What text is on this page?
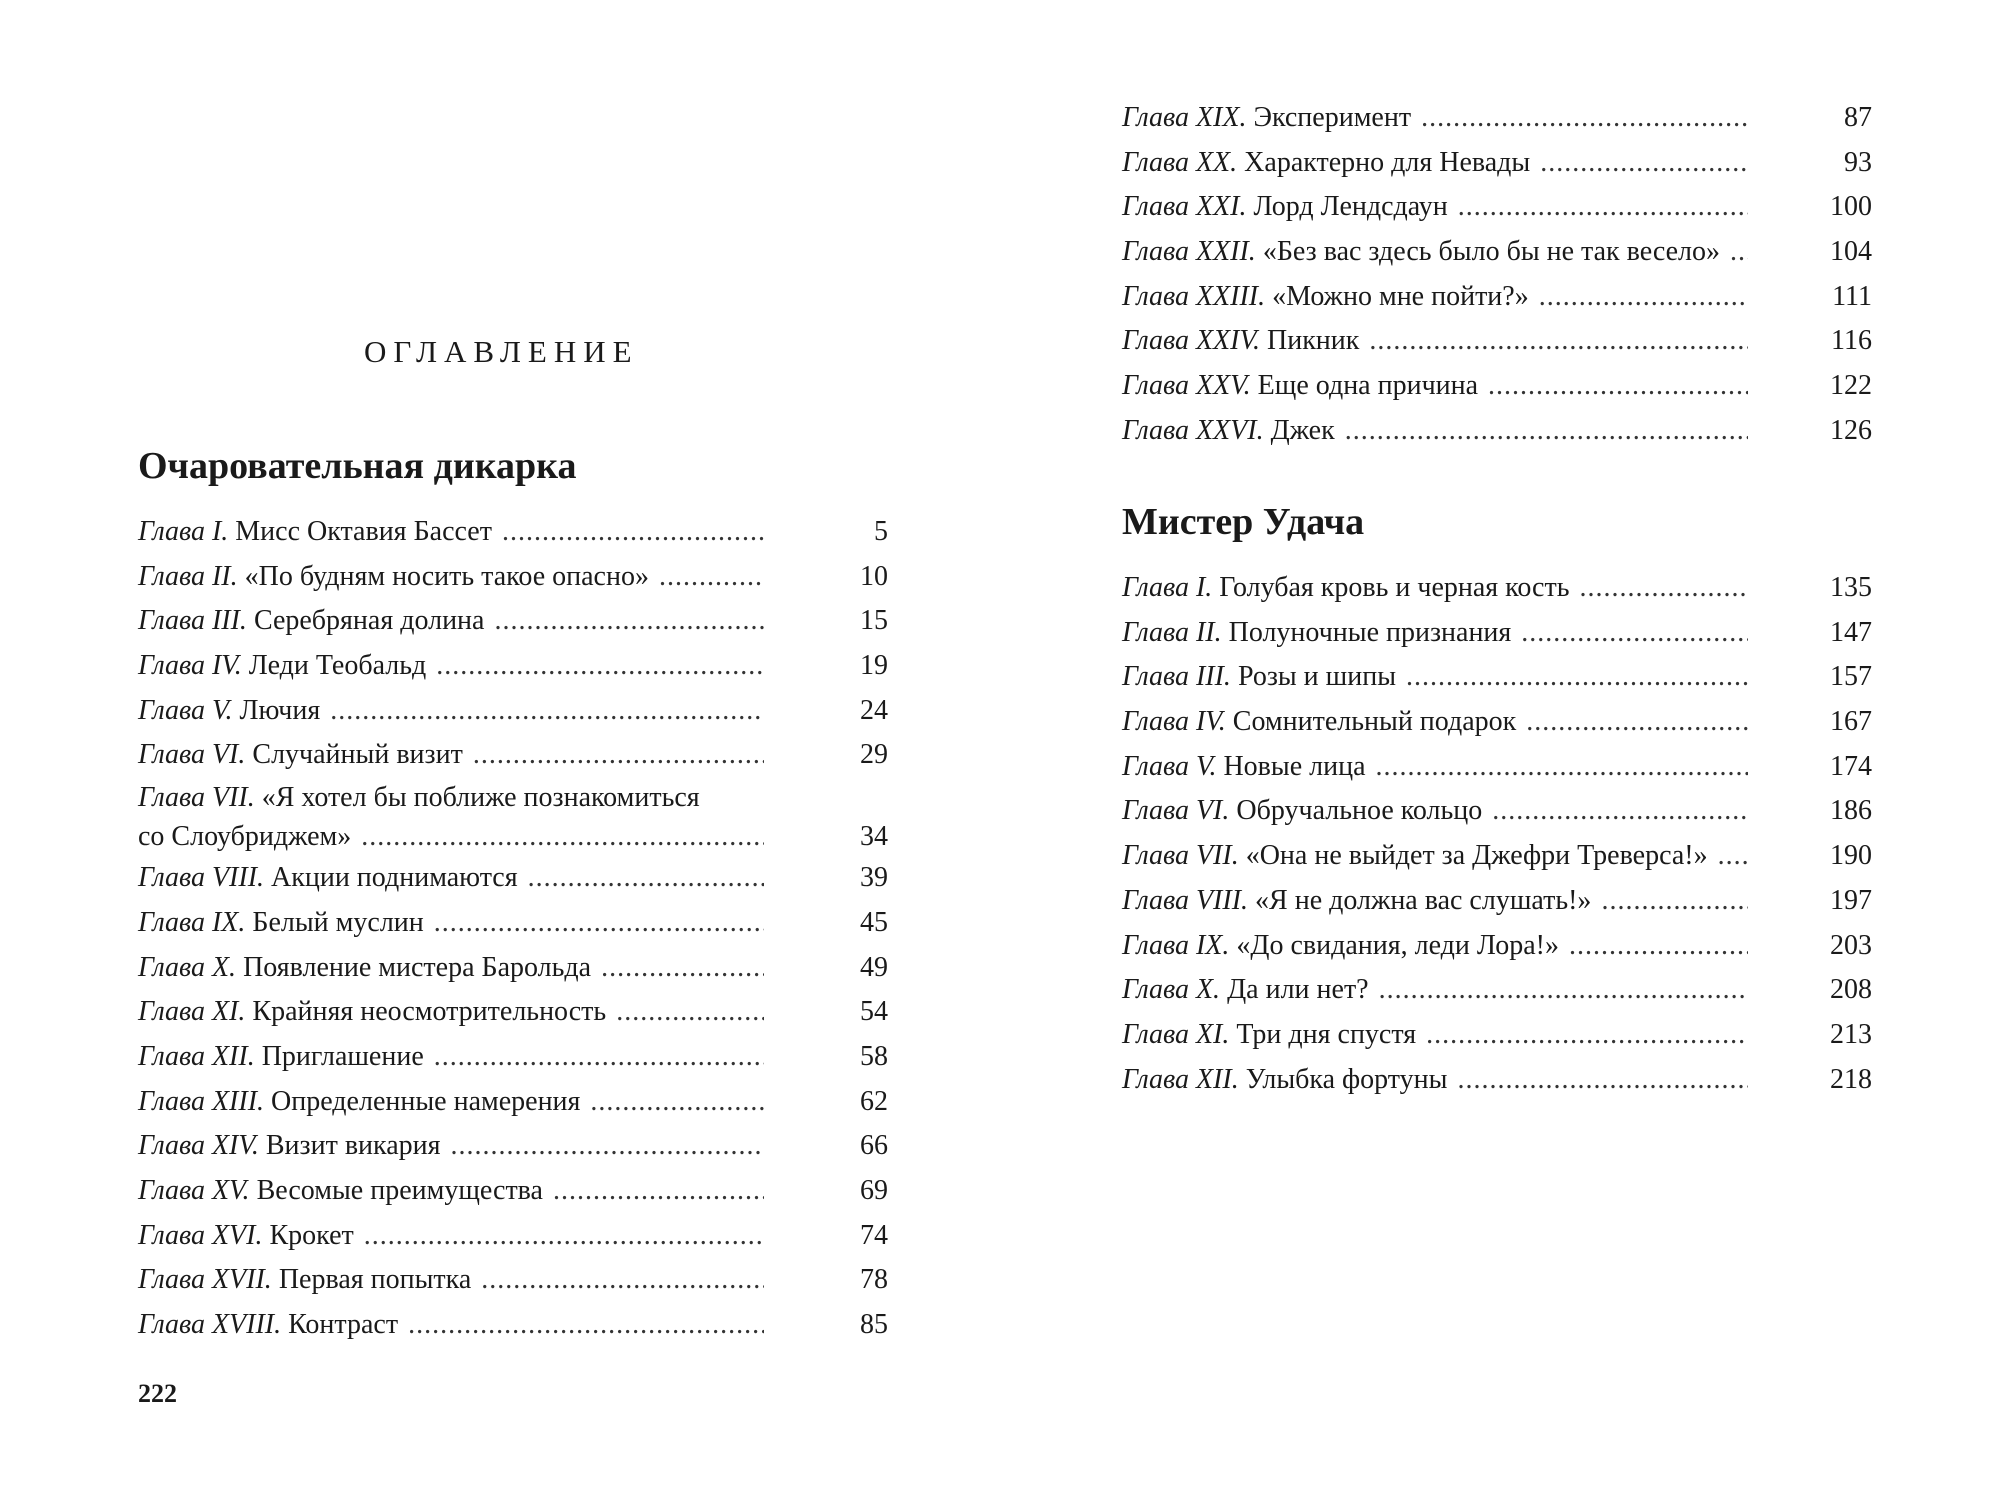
ОГЛАВЛЕНИЕ
Очаровательная дикарка
Глава I. Мисс Октавия Бассет .....	5
Глава II. «По будням носить такое опасно» .....	10
Глава III. Серебряная долина .....	15
Глава IV. Леди Теобальд .....	19
Глава V. Лючия .....	24
Глава VI. Случайный визит .....	29
Глава VII. «Я хотел бы поближе познакомиться
со Слоубриджем» .....	34
Глава VIII. Акции поднимаются .....	39
Глава IX. Белый муслин .....	45
Глава X. Появление мистера Барольда .....	49
Глава XI. Крайняя неосмотрительность .....	54
Глава XII. Приглашение .....	58
Глава XIII. Определенные намерения .....	62
Глава XIV. Визит викария .....	66
Глава XV. Весомые преимущества .....	69
Глава XVI. Крокет .....	74
Глава XVII. Первая попытка .....	78
Глава XVIII. Контраст .....	85
222
Глава XIX. Эксперимент .....	87
Глава XX. Характерно для Невады .....	93
Глава XXI. Лорд Лендсдаун .....	100
Глава XXII. «Без вас здесь было бы не так весело» .....	104
Глава XXIII. «Можно мне пойти?» .....	111
Глава XXIV. Пикник .....	116
Глава XXV. Еще одна причина .....	122
Глава XXVI. Джек .....	126
Мистер Удача
Глава I. Голубая кровь и черная кость .....	135
Глава II. Полуночные признания .....	147
Глава III. Розы и шипы .....	157
Глава IV. Сомнительный подарок .....	167
Глава V. Новые лица .....	174
Глава VI. Обручальное кольцо .....	186
Глава VII. «Она не выйдет за Джефри Треверса!» .....	190
Глава VIII. «Я не должна вас слушать!» .....	197
Глава IX. «До свидания, леди Лора!» .....	203
Глава X. Да или нет? .....	208
Глава XI. Три дня спустя .....	213
Глава XII. Улыбка фортуны .....	218
